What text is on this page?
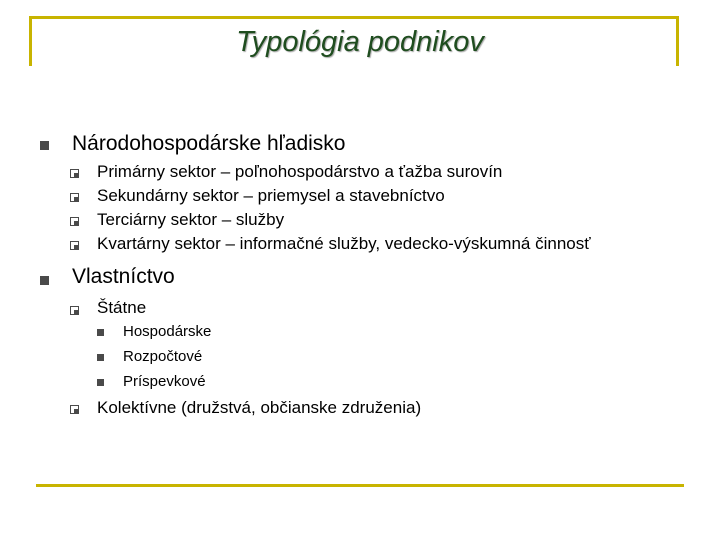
Typológia podnikov
Národohospodárske hľadisko
Primárny sektor – poľnohospodárstvo a ťažba surovín
Sekundárny sektor – priemysel a stavebníctvo
Terciárny sektor – služby
Kvartárny sektor – informačné služby, vedecko-výskumná činnosť
Vlastníctvo
Štátne
Hospodárske
Rozpočtové
Príspevkové
Kolektívne (družstvá, občianske združenia)
